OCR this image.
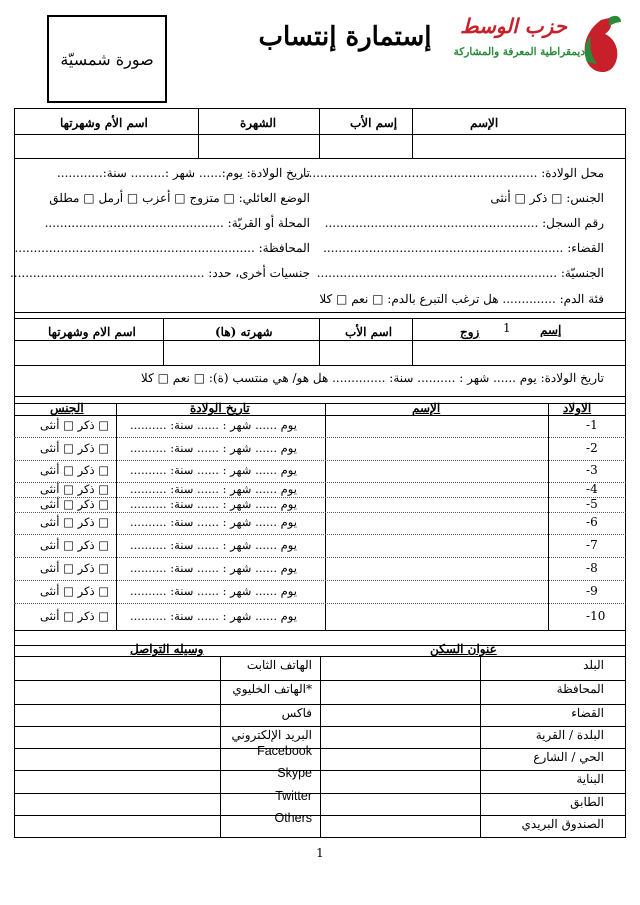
صورة شمسيّة
إستمارة إنتساب	حزب الوسط
ديمقراطية المعرفة والمشاركة
الإسم
إسم الأب
الشهرة
اسم الأم وشهرتها
محل الولادة: ..............................................................
تاريخ الولادة: يوم:...... شهر :......... سنة:............
الجنس: □ ذكر □ أنثى
الوضع العائلي: □ متزوج □ أعزب □ أرمل □ مطلق
رقم السجل: ........................................................
المحلة أو القريّة: ...............................................
القضاء: ...............................................................
المحافظة: ...............................................................
الجنسيّة: ...............................................................
جنسيات أخرى، حدد: ...................................................
فئة الدم: .............. هل ترغب التبرع بالدم: □ نعم □ كلا
إسم
1
زوج
اسم الأب
شهرته (ها)
اسم الام وشهرتها
تاريخ الولادة: يوم ...... شهر : .......... سنة: .............. هل هو/ هي منتسب (ة): □ نعم □ كلا
الاولاد
الإسم
تاريخ الولادة
الجنس
1-
يوم ...... شهر : ...... سنة: ..........
□ ذكر □ أنثى
2-
يوم ...... شهر : ...... سنة: ..........
□ ذكر □ أنثى
3-
يوم ...... شهر : ...... سنة: ..........
□ ذكر □ أنثى
4-
يوم ...... شهر : ...... سنة: ..........
□ ذكر □ أنثى
5-
يوم ...... شهر : ...... سنة: ..........
□ ذكر □ أنثى
6-
يوم ...... شهر : ...... سنة: ..........
□ ذكر □ أنثى
7-
يوم ...... شهر : ...... سنة: ..........
□ ذكر □ أنثى
8-
يوم ...... شهر : ...... سنة: ..........
□ ذكر □ أنثى
9-
يوم ...... شهر : ...... سنة: ..........
□ ذكر □ أنثى
10-
يوم ...... شهر : ...... سنة: ..........
□ ذكر □ أنثى
عنوان السكن
وسيله التواصل
البلد
المحافظة
القضاء
البلدة / القرية
الحي / الشارع
البناية
الطابق
الصندوق البريدي
الهاتف الثابت
*الهاتف الخليوي
فاكس
البريد الإلكتروني
Facebook
Skype
Twitter
Others
1
